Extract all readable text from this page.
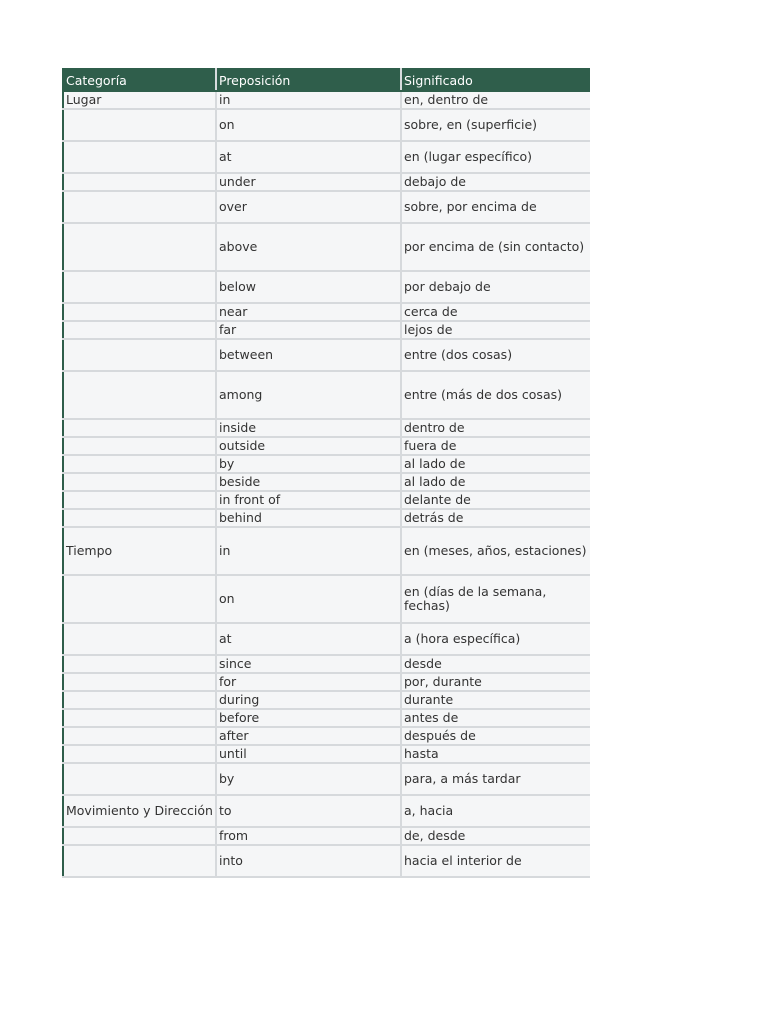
Categoría	Preposición	Significado
Lugar	in	en, dentro de
	on	sobre, en (superficie)
	at	en (lugar específico)
	under	debajo de
	over	sobre, por encima de
	above	por encima de (sin contacto)
	below	por debajo de
	near	cerca de
	far	lejos de
	between	entre (dos cosas)
	among	entre (más de dos cosas)
	inside	dentro de
	outside	fuera de
	by	al lado de
	beside	al lado de
	in front of	delante de
	behind	detrás de
Tiempo	in	en (meses, años, estaciones)
	on	en (días de la semana, fechas)
	at	a (hora específica)
	since	desde
	for	por, durante
	during	durante
	before	antes de
	after	después de
	until	hasta
	by	para, a más tardar
Movimiento y Dirección	to	a, hacia
	from	de, desde
	into	hacia el interior de
